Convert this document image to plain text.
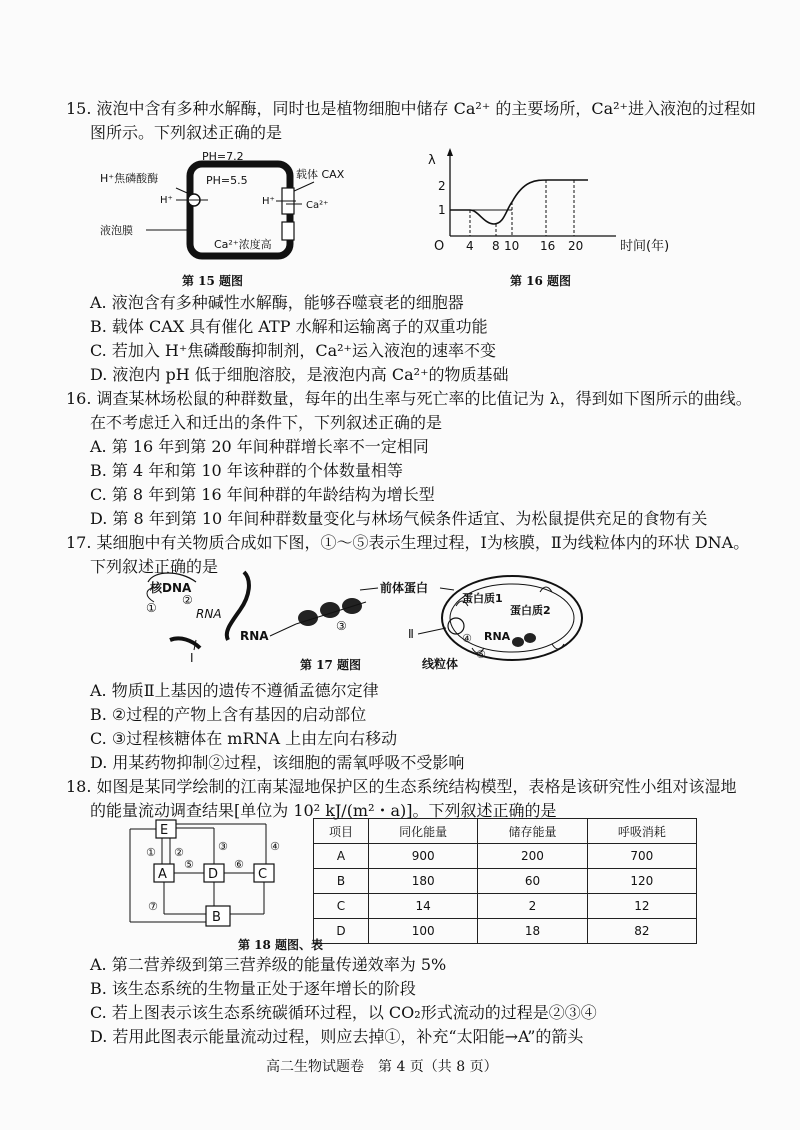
15. 液泡中含有多种水解酶，同时也是植物细胞中储存 Ca²⁺ 的主要场所，Ca²⁺进入液泡的过程如
图所示。下列叙述正确的是
PH=7.2
PH=5.5
H⁺焦磷酸酶
H⁺
载体 CAX
H⁺	Ca²⁺
液泡膜
Ca²⁺浓度高
第 15 题图
λ
2
1
O 4 8 10 16 20	时间(年)
第 16 题图
A. 液泡含有多种碱性水解酶，能够吞噬衰老的细胞器
B. 载体 CAX 具有催化 ATP 水解和运输离子的双重功能
C. 若加入 H⁺焦磷酸酶抑制剂，Ca²⁺运入液泡的速率不变
D. 液泡内 pH 低于细胞溶胶，是液泡内高 Ca²⁺的物质基础
16. 调查某林场松鼠的种群数量，每年的出生率与死亡率的比值记为 λ，得到如下图所示的曲线。
在不考虑迁入和迁出的条件下，下列叙述正确的是
A. 第 16 年到第 20 年间种群增长率不一定相同
B. 第 4 年和第 10 年该种群的个体数量相等
C. 第 8 年到第 16 年间种群的年龄结构为增长型
D. 第 8 年到第 10 年间种群数量变化与林场气候条件适宜、为松鼠提供充足的食物有关
17. 某细胞中有关物质合成如下图，①～⑤表示生理过程，Ⅰ为核膜，Ⅱ为线粒体内的环状 DNA。
下列叙述正确的是
核DNA
①
②
RNA
Ⅰ
RNA
③
前体蛋白
蛋白质1
蛋白质2
④ RNA
⑤
Ⅱ
线粒体
第 17 题图
A. 物质Ⅱ上基因的遗传不遵循孟德尔定律
B. ②过程的产物上含有基因的启动部位
C. ③过程核糖体在 mRNA 上由左向右移动
D. 用某药物抑制②过程，该细胞的需氧呼吸不受影响
18. 如图是某同学绘制的江南某湿地保护区的生态系统结构模型，表格是该研究性小组对该湿地
的能量流动调查结果[单位为 10² kJ/(m²・a)]。下列叙述正确的是
E
A	D	C
B
① ②	③	④
⑤	⑥
⑦
项目	同化能量	储存能量	呼吸消耗
A	900	200	700
B	180	60	120
C	14	2	12
D	100	18	82
第 18 题图、表
A. 第二营养级到第三营养级的能量传递效率为 5%
B. 该生态系统的生物量正处于逐年增长的阶段
C. 若上图表示该生态系统碳循环过程，以 CO₂形式流动的过程是②③④
D. 若用此图表示能量流动过程，则应去掉①，补充“太阳能→A”的箭头
高二生物试题卷　第 4 页（共 8 页）
